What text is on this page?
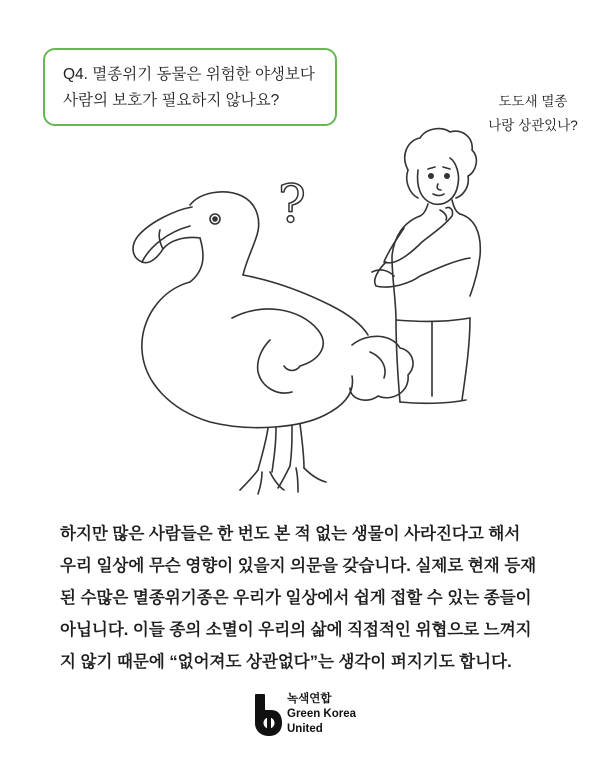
Q4. 멸종위기 동물은 위험한 야생보다
사람의 보호가 필요하지 않나요?	도도새 멸종
나랑 상관있나?
?
하지만 많은 사람들은 한 번도 본 적 없는 생물이 사라진다고 해서
우리 일상에 무슨 영향이 있을지 의문을 갖습니다. 실제로 현재 등재
된 수많은 멸종위기종은 우리가 일상에서 쉽게 접할 수 있는 종들이
아닙니다. 이들 종의 소멸이 우리의 삶에 직접적인 위협으로 느껴지
지 않기 때문에 “없어져도 상관없다”는 생각이 퍼지기도 합니다.
녹색연합
Green Korea
United
